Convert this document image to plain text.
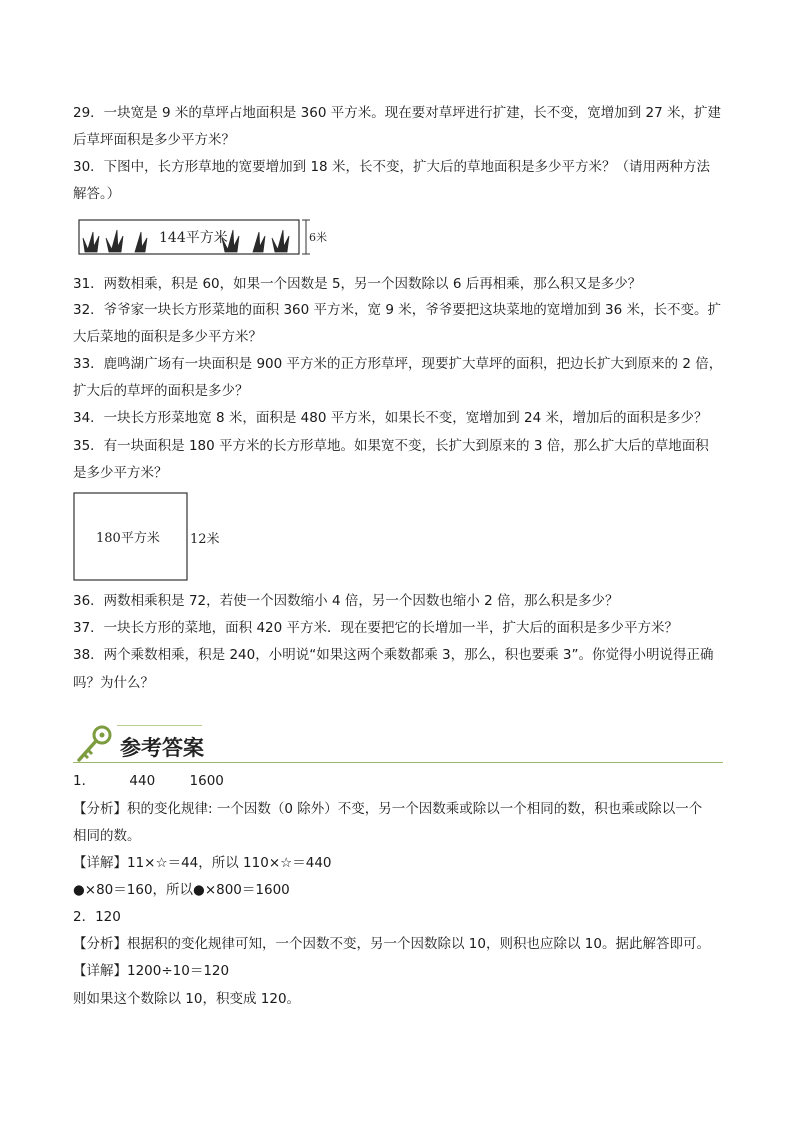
29．一块宽是 9 米的草坪占地面积是 360 平方米。现在要对草坪进行扩建，长不变，宽增加到 27 米，扩建
后草坪面积是多少平方米？
30．下图中，长方形草地的宽要增加到 18 米，长不变，扩大后的草地面积是多少平方米？（请用两种方法
解答。）
144平方米	6米
31．两数相乘，积是 60，如果一个因数是 5，另一个因数除以 6 后再相乘，那么积又是多少？
32．爷爷家一块长方形菜地的面积 360 平方米，宽 9 米，爷爷要把这块菜地的宽增加到 36 米，长不变。扩
大后菜地的面积是多少平方米？
33．鹿鸣湖广场有一块面积是 900 平方米的正方形草坪，现要扩大草坪的面积，把边长扩大到原来的 2 倍，
扩大后的草坪的面积是多少？
34．一块长方形菜地宽 8 米，面积是 480 平方米，如果长不变，宽增加到 24 米，增加后的面积是多少？
35．有一块面积是 180 平方米的长方形草地。如果宽不变，长扩大到原来的 3 倍，那么扩大后的草地面积
是多少平方米？
180平方米 12米
36．两数相乘积是 72，若使一个因数缩小 4 倍，另一个因数也缩小 2 倍，那么积是多少？
37．一块长方形的菜地，面积 420 平方米．现在要把它的长增加一半，扩大后的面积是多少平方米？
38．两个乘数相乘，积是 240，小明说“如果这两个乘数都乘 3，那么，积也要乘 3”。你觉得小明说得正确
吗？为什么？
参考答案
1．        440        1600
【分析】积的变化规律: 一个因数（0 除外）不变，另一个因数乘或除以一个相同的数，积也乘或除以一个
相同的数。
【详解】11×☆＝44，所以 110×☆＝440
●×80＝160，所以●×800＝1600
2．120
【分析】根据积的变化规律可知，一个因数不变，另一个因数除以 10，则积也应除以 10。据此解答即可。
【详解】1200÷10＝120
则如果这个数除以 10，积变成 120。
